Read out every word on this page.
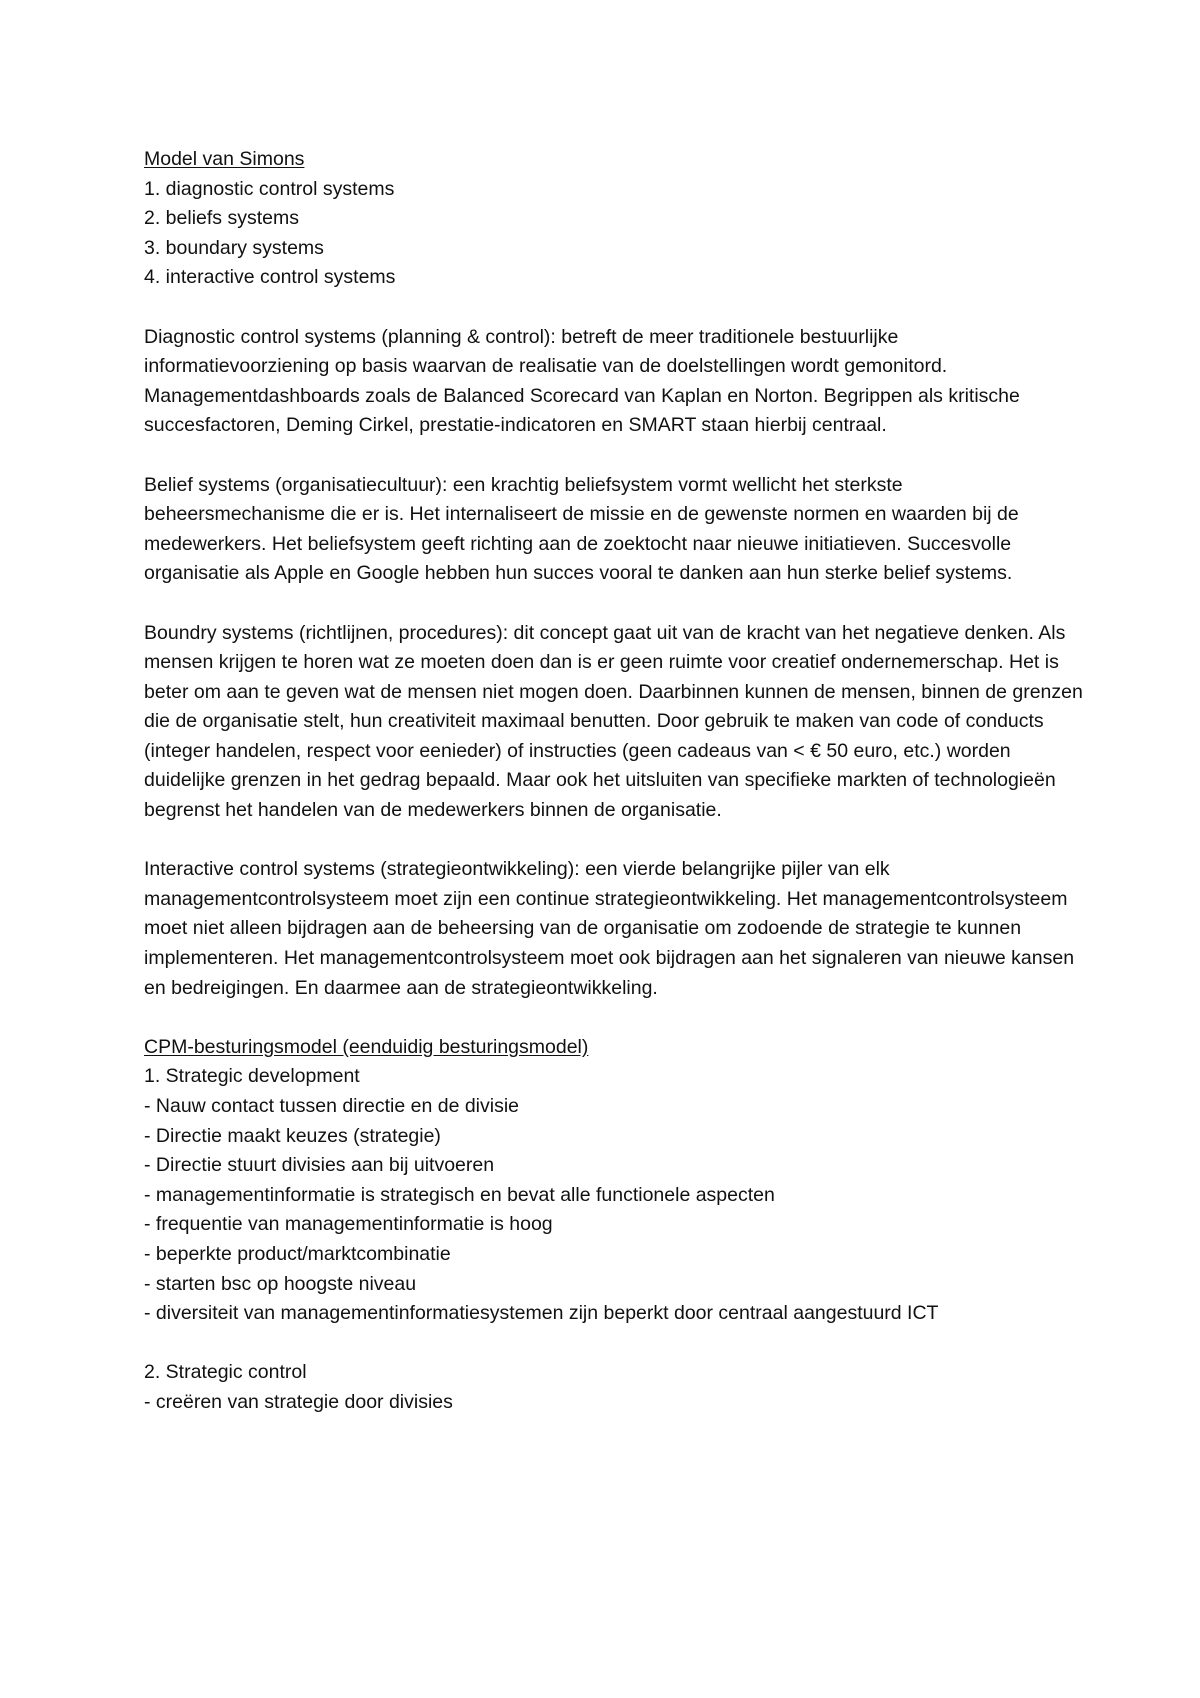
Model van Simons
1. diagnostic control systems
2. beliefs systems
3. boundary systems
4. interactive control systems

Diagnostic control systems (planning & control): betreft de meer traditionele bestuurlijke informatievoorziening op basis waarvan de realisatie van de doelstellingen wordt gemonitord. Managementdashboards zoals de Balanced Scorecard van Kaplan en Norton. Begrippen als kritische succesfactoren, Deming Cirkel, prestatie-indicatoren en SMART staan hierbij centraal.

Belief systems (organisatiecultuur): een krachtig beliefsystem vormt wellicht het sterkste beheersmechanisme die er is. Het internaliseert de missie en de gewenste normen en waarden bij de medewerkers. Het beliefsystem geeft richting aan de zoektocht naar nieuwe initiatieven. Succesvolle organisatie als Apple en Google hebben hun succes vooral te danken aan hun sterke belief systems.

Boundry systems (richtlijnen, procedures): dit concept gaat uit van de kracht van het negatieve denken. Als mensen krijgen te horen wat ze moeten doen dan is er geen ruimte voor creatief ondernemerschap. Het is beter om aan te geven wat de mensen niet mogen doen. Daarbinnen kunnen de mensen, binnen de grenzen die de organisatie stelt, hun creativiteit maximaal benutten. Door gebruik te maken van code of conducts (integer handelen, respect voor eenieder) of instructies (geen cadeaus van < € 50 euro, etc.) worden duidelijke grenzen in het gedrag bepaald. Maar ook het uitsluiten van specifieke markten of technologieën begrenst het handelen van de medewerkers binnen de organisatie.

Interactive control systems (strategieontwikkeling): een vierde belangrijke pijler van elk managementcontrolsysteem moet zijn een continue strategieontwikkeling. Het managementcontrolsysteem moet niet alleen bijdragen aan de beheersing van de organisatie om zodoende de strategie te kunnen implementeren. Het managementcontrolsysteem moet ook bijdragen aan het signaleren van nieuwe kansen en bedreigingen. En daarmee aan de strategieontwikkeling.

CPM-besturingsmodel (eenduidig besturingsmodel)
1. Strategic development
- Nauw contact tussen directie en de divisie
- Directie maakt keuzes (strategie)
- Directie stuurt divisies aan bij uitvoeren
- managementinformatie is strategisch en bevat alle functionele aspecten
- frequentie van managementinformatie is hoog
- beperkte product/marktcombinatie
- starten bsc op hoogste niveau
- diversiteit van managementinformatiesystemen zijn beperkt door centraal aangestuurd ICT
2. Strategic control
- creëren van strategie door divisies
